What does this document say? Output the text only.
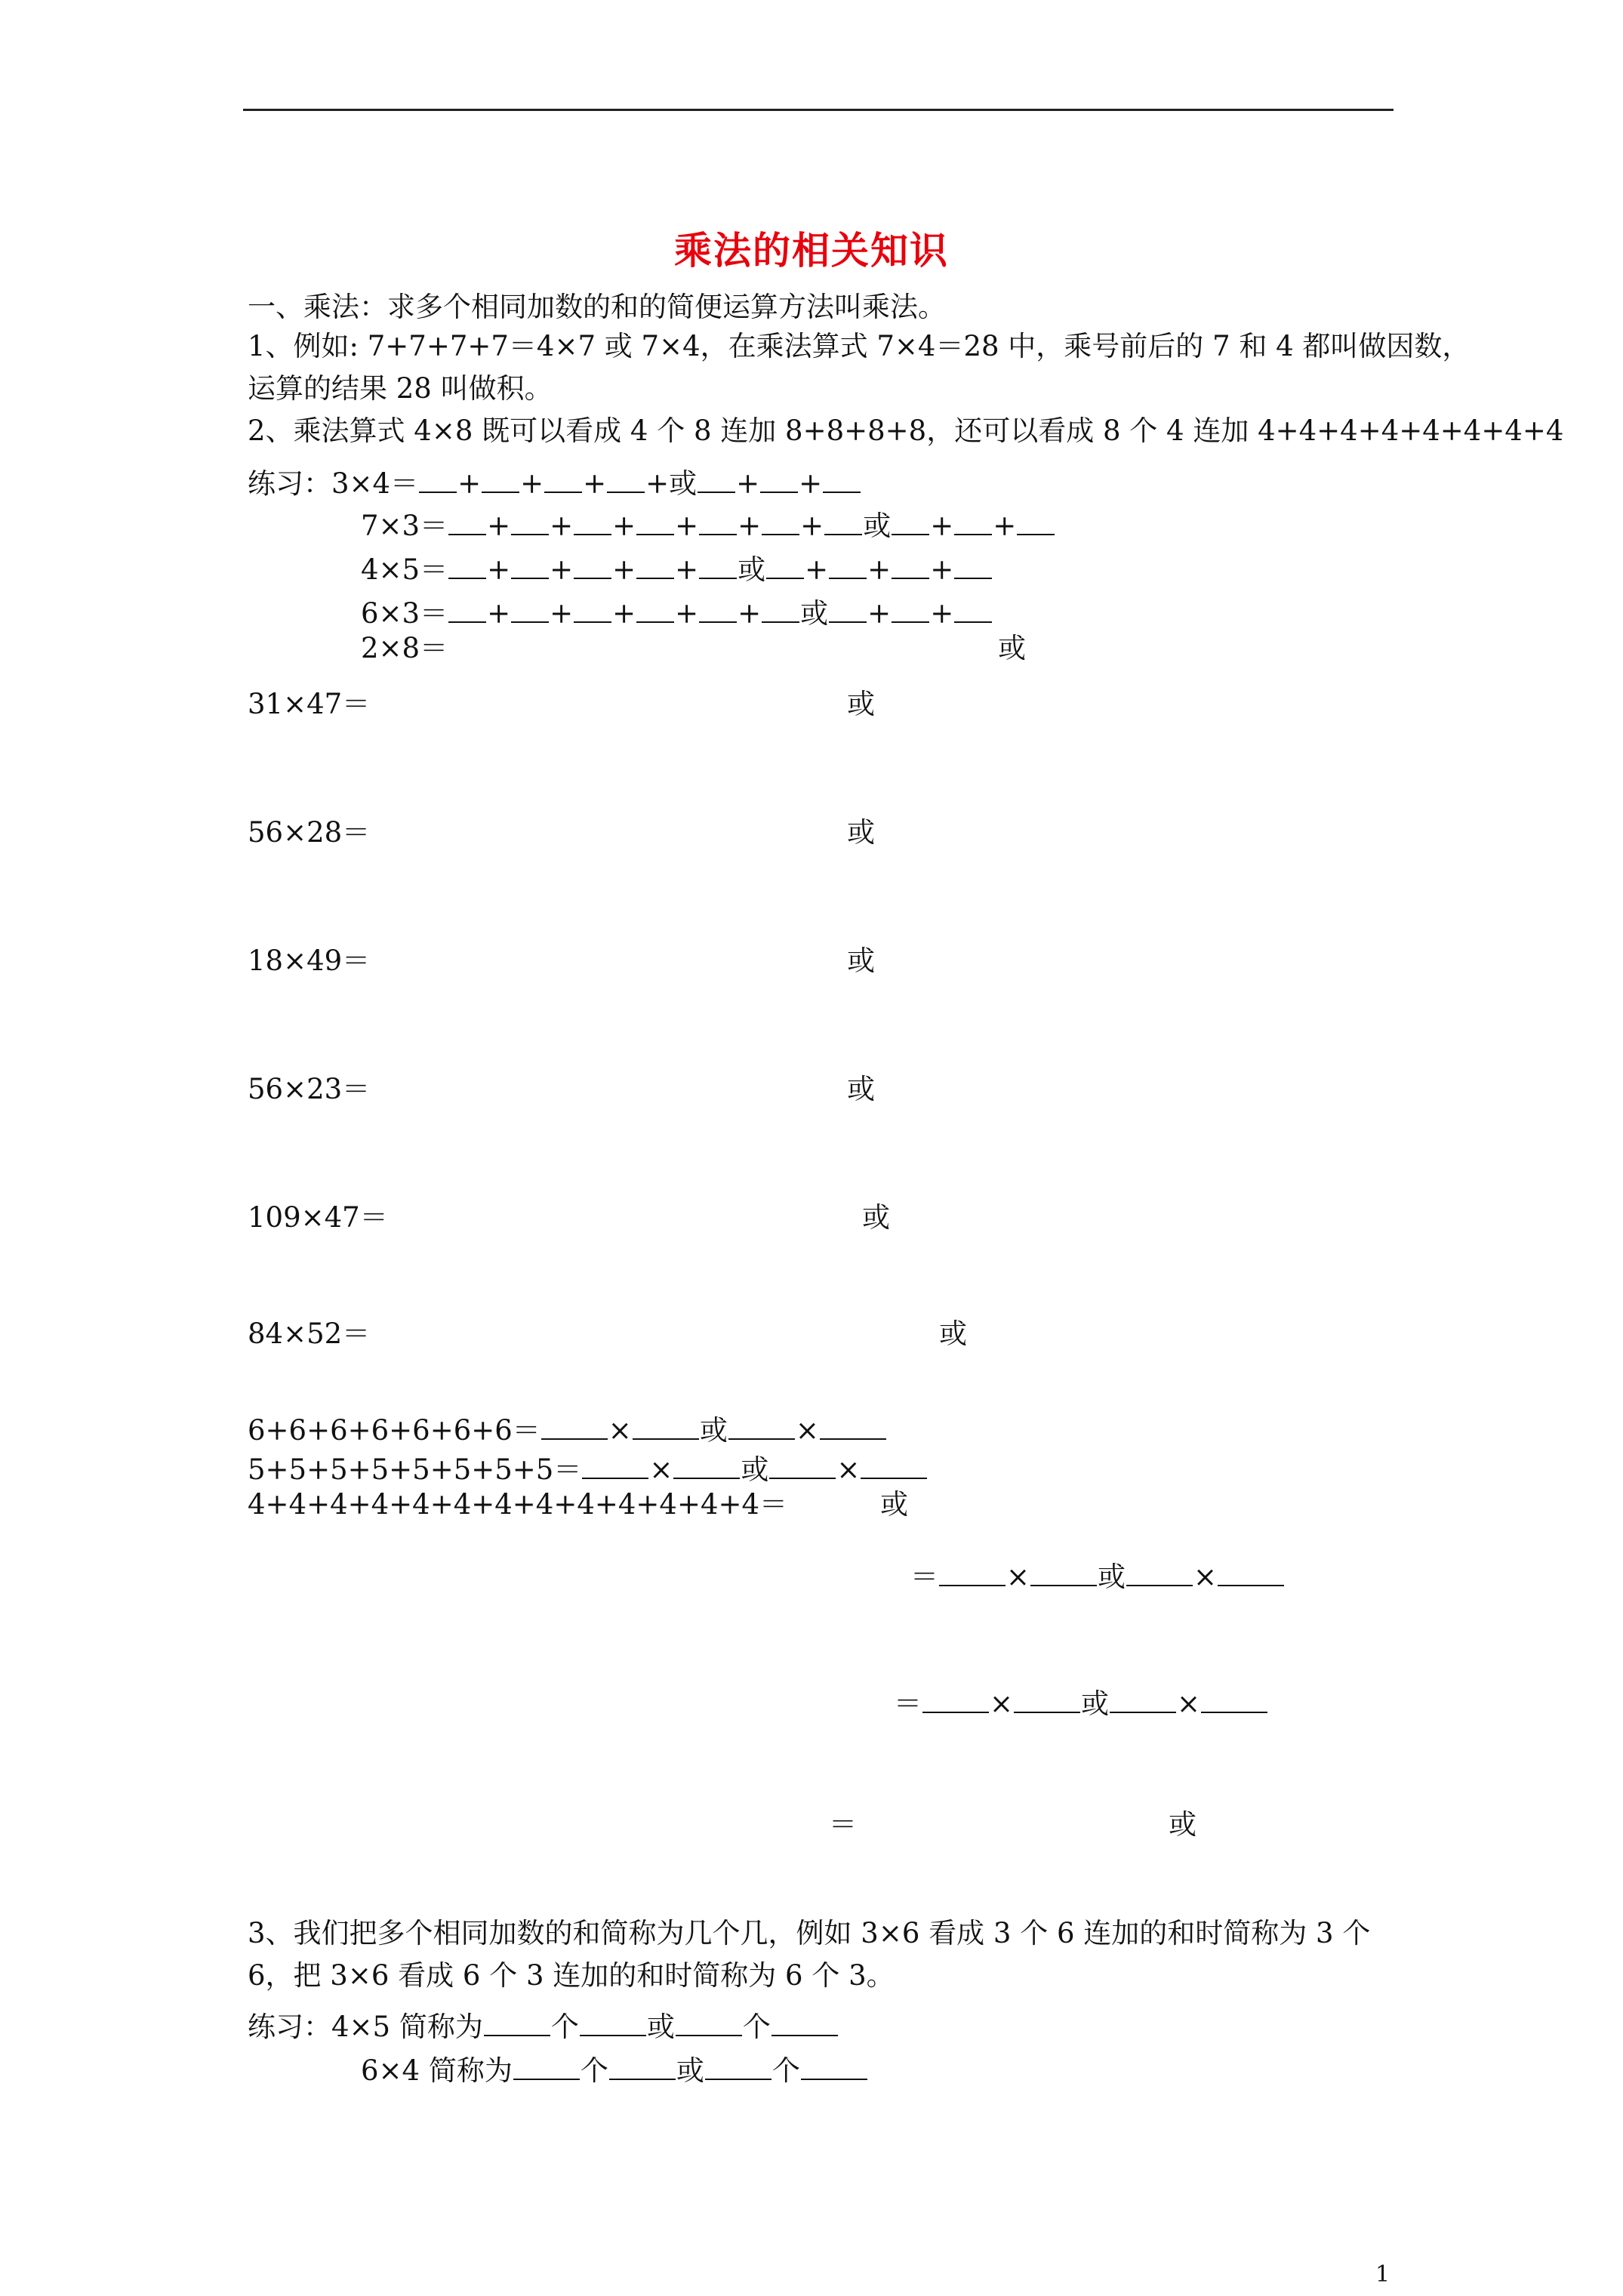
乘法的相关知识
一、乘法：求多个相同加数的和的简便运算方法叫乘法。
1、例如: 7+7+7+7＝4×7 或 7×4，在乘法算式 7×4＝28 中，乘号前后的 7 和 4 都叫做因数，
运算的结果 28 叫做积。
2、乘法算式 4×8 既可以看成 4 个 8 连加 8+8+8+8，还可以看成 8 个 4 连加 4+4+4+4+4+4+4+4
练习：3×4＝ + + + +或 + +
7×3＝ + + + + + + 或 + +
4×5＝ + + + + 或 + + +
6×3＝ + + + + + 或 + +
2×8＝	或
31×47＝	或
56×28＝	或
18×49＝	或
56×23＝	或
109×47＝	或
84×52＝	或
6+6+6+6+6+6+6＝ × 或 ×
5+5+5+5+5+5+5+5＝ × 或 ×
4+4+4+4+4+4+4+4+4+4+4+4+4＝	或
＝ × 或 ×
＝ × 或 ×
＝	或
3、我们把多个相同加数的和简称为几个几，例如 3×6 看成 3 个 6 连加的和时简称为 3 个
6，把 3×6 看成 6 个 3 连加的和时简称为 6 个 3。
练习：4×5 简称为 个 或 个
6×4 简称为 个 或 个
1
